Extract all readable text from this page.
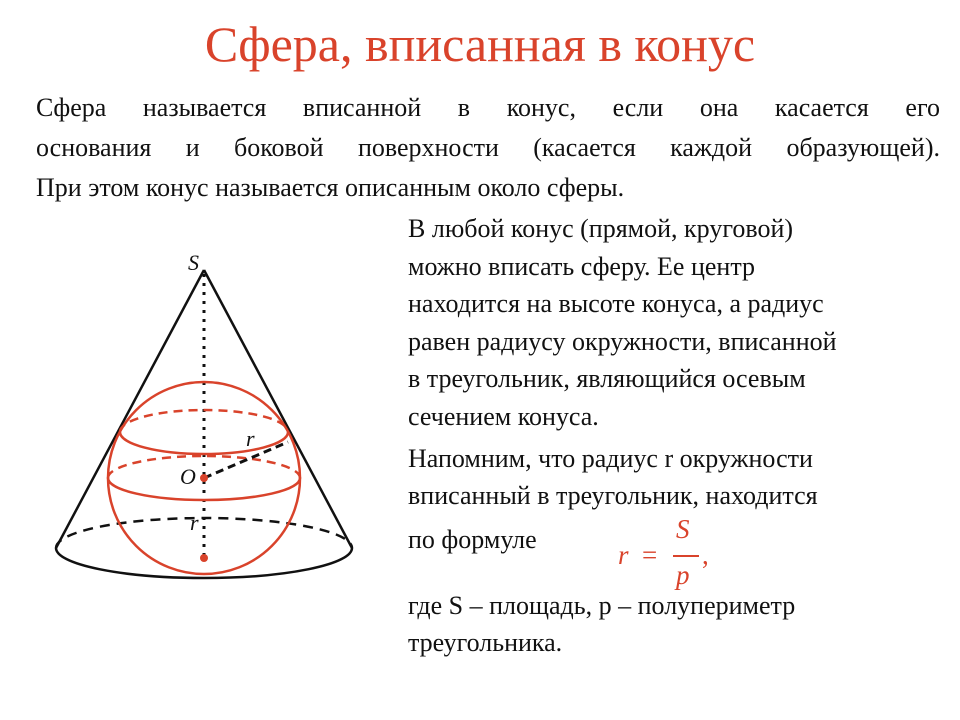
Сфера, вписанная в конус
Сфера называется вписанной в конус, если она касается его
основания и боковой поверхности (касается каждой образующей).
При этом конус называется описанным около сферы.
S
O
r
r
В любой конус (прямой, круговой)
можно вписать сферу. Ее центр
находится на высоте конуса, а радиус
равен радиусу окружности, вписанной
в треугольник, являющийся осевым
сечением конуса.
Напомним, что радиус r окружности
вписанный в треугольник, находится
по формуле
r =
S
p
,
где S – площадь, p – полупериметр
треугольника.
